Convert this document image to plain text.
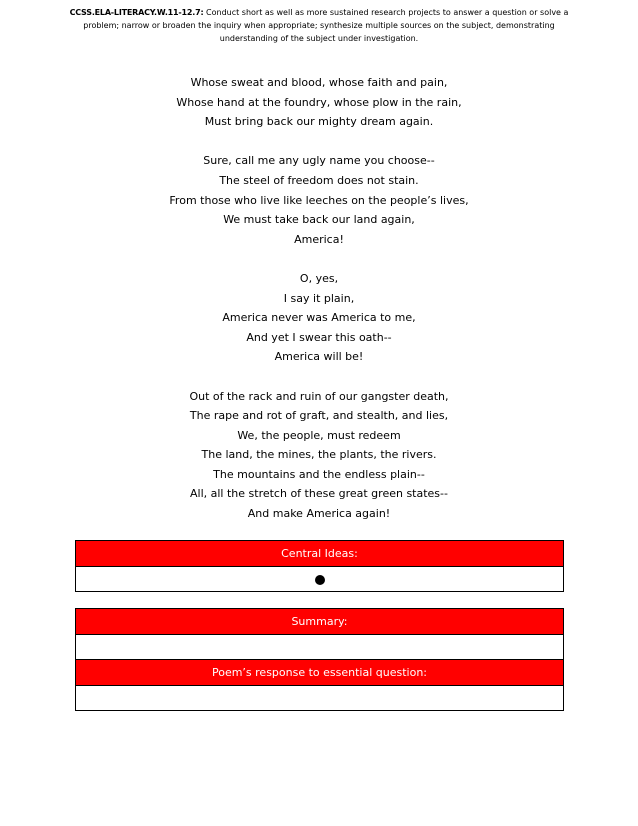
CCSS.ELA-LITERACY.W.11-12.7: Conduct short as well as more sustained research projects to answer a question or solve a problem; narrow or broaden the inquiry when appropriate; synthesize multiple sources on the subject, demonstrating understanding of the subject under investigation.
Whose sweat and blood, whose faith and pain,
Whose hand at the foundry, whose plow in the rain,
Must bring back our mighty dream again.
Sure, call me any ugly name you choose--
The steel of freedom does not stain.
From those who live like leeches on the people’s lives,
We must take back our land again,
America!
O, yes,
I say it plain,
America never was America to me,
And yet I swear this oath--
America will be!
Out of the rack and ruin of our gangster death,
The rape and rot of graft, and stealth, and lies,
We, the people, must redeem
The land, the mines, the plants, the rivers.
The mountains and the endless plain--
All, all the stretch of these great green states--
And make America again!
Central Ideas:

Summary:

Poem’s response to essential question:
